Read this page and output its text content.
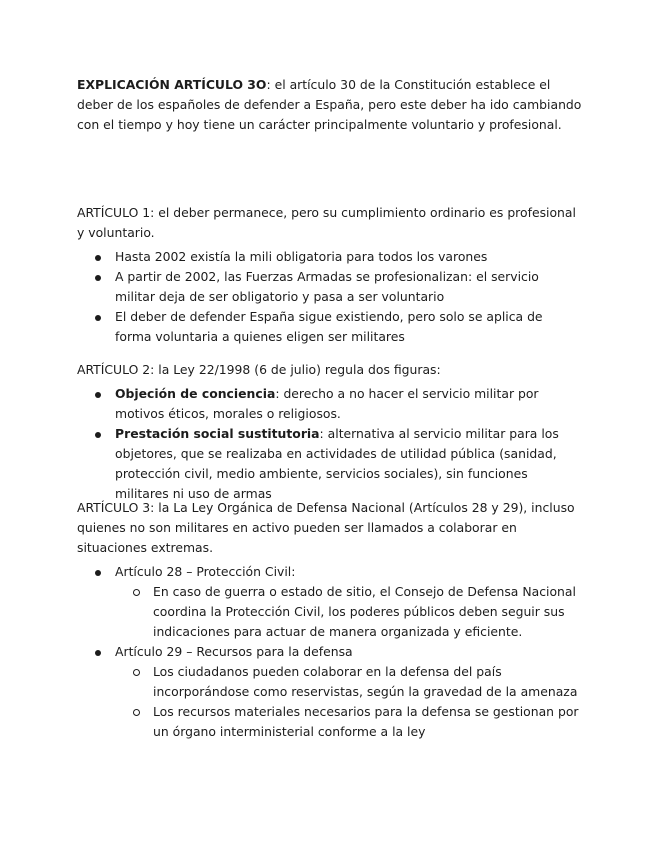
EXPLICACIÓN ARTÍCULO 3O: el artículo 30 de la Constitución establece el deber de los españoles de defender a España, pero este deber ha ido cambiando con el tiempo y hoy tiene un carácter principalmente voluntario y profesional.

ARTÍCULO 1: el deber permanece, pero su cumplimiento ordinario es profesional y voluntario.

Hasta 2002 existía la mili obligatoria para todos los varones
A partir de 2002, las Fuerzas Armadas se profesionalizan: el servicio militar deja de ser obligatorio y pasa a ser voluntario
El deber de defender España sigue existiendo, pero solo se aplica de forma voluntaria a quienes eligen ser militares

ARTÍCULO 2: la Ley 22/1998 (6 de julio) regula dos figuras:

Objeción de conciencia: derecho a no hacer el servicio militar por motivos éticos, morales o religiosos.
Prestación social sustitutoria: alternativa al servicio militar para los objetores, que se realizaba en actividades de utilidad pública (sanidad, protección civil, medio ambiente, servicios sociales), sin funciones militares ni uso de armas

ARTÍCULO 3: la La Ley Orgánica de Defensa Nacional (Artículos 28 y 29), incluso quienes no son militares en activo pueden ser llamados a colaborar en situaciones extremas.

Artículo 28 – Protección Civil:
En caso de guerra o estado de sitio, el Consejo de Defensa Nacional coordina la Protección Civil, los poderes públicos deben seguir sus indicaciones para actuar de manera organizada y eficiente.
Artículo 29 – Recursos para la defensa
Los ciudadanos pueden colaborar en la defensa del país incorporándose como reservistas, según la gravedad de la amenaza
Los recursos materiales necesarios para la defensa se gestionan por un órgano interministerial conforme a la ley
